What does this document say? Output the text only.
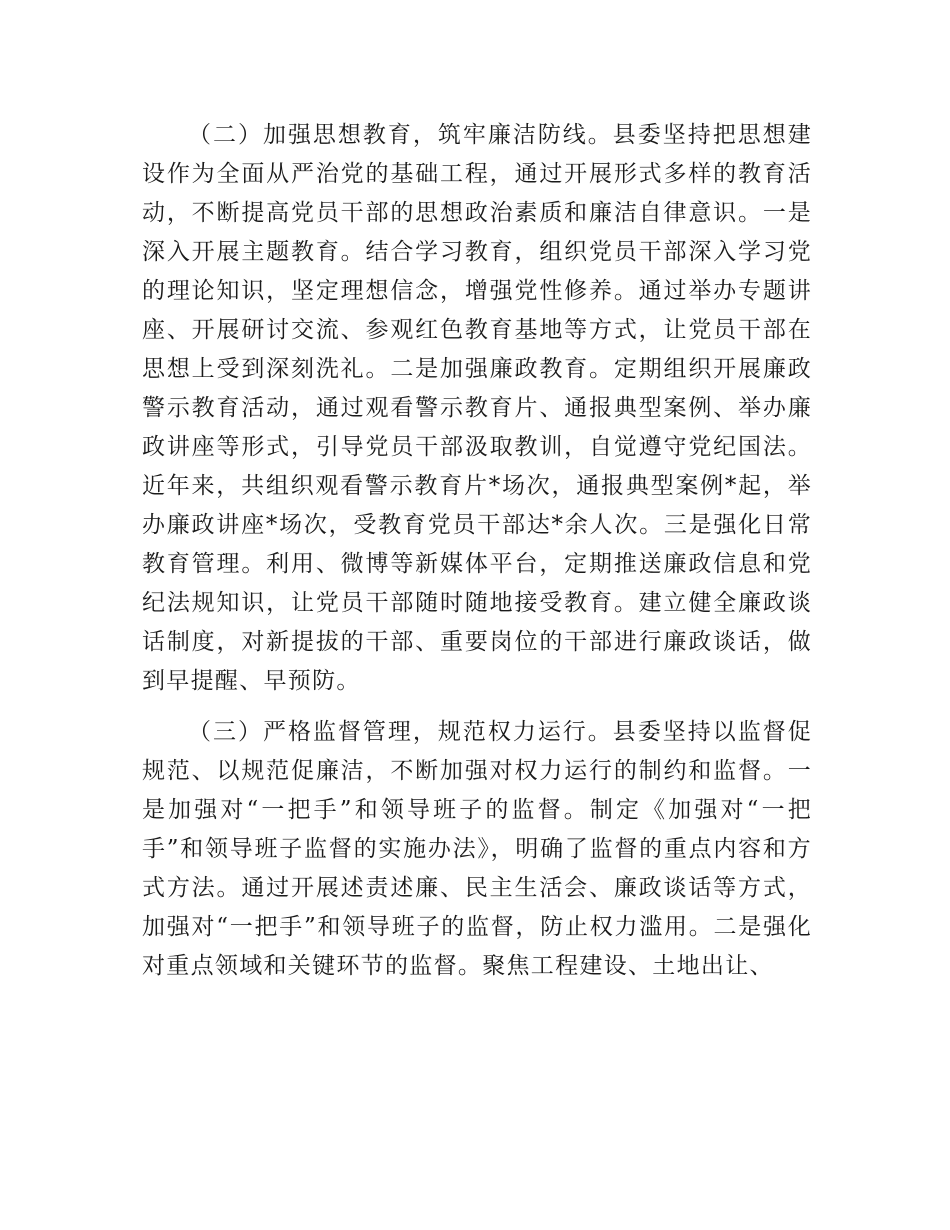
（二）加强思想教育，筑牢廉洁防线。县委坚持把思想建设作为全面从严治党的基础工程，通过开展形式多样的教育活动，不断提高党员干部的思想政治素质和廉洁自律意识。一是深入开展主题教育。结合学习教育，组织党员干部深入学习党的理论知识，坚定理想信念，增强党性修养。通过举办专题讲座、开展研讨交流、参观红色教育基地等方式，让党员干部在思想上受到深刻洗礼。二是加强廉政教育。定期组织开展廉政警示教育活动，通过观看警示教育片、通报典型案例、举办廉政讲座等形式，引导党员干部汲取教训，自觉遵守党纪国法。近年来，共组织观看警示教育片*场次，通报典型案例*起，举办廉政讲座*场次，受教育党员干部达*余人次。三是强化日常教育管理。利用、微博等新媒体平台，定期推送廉政信息和党纪法规知识，让党员干部随时随地接受教育。建立健全廉政谈话制度，对新提拔的干部、重要岗位的干部进行廉政谈话，做到早提醒、早预防。

（三）严格监督管理，规范权力运行。县委坚持以监督促规范、以规范促廉洁，不断加强对权力运行的制约和监督。一是加强对“一把手”和领导班子的监督。制定《加强对“一把手”和领导班子监督的实施办法》，明确了监督的重点内容和方式方法。通过开展述责述廉、民主生活会、廉政谈话等方式，加强对“一把手”和领导班子的监督，防止权力滥用。二是强化对重点领域和关键环节的监督。聚焦工程建设、土地出让、
